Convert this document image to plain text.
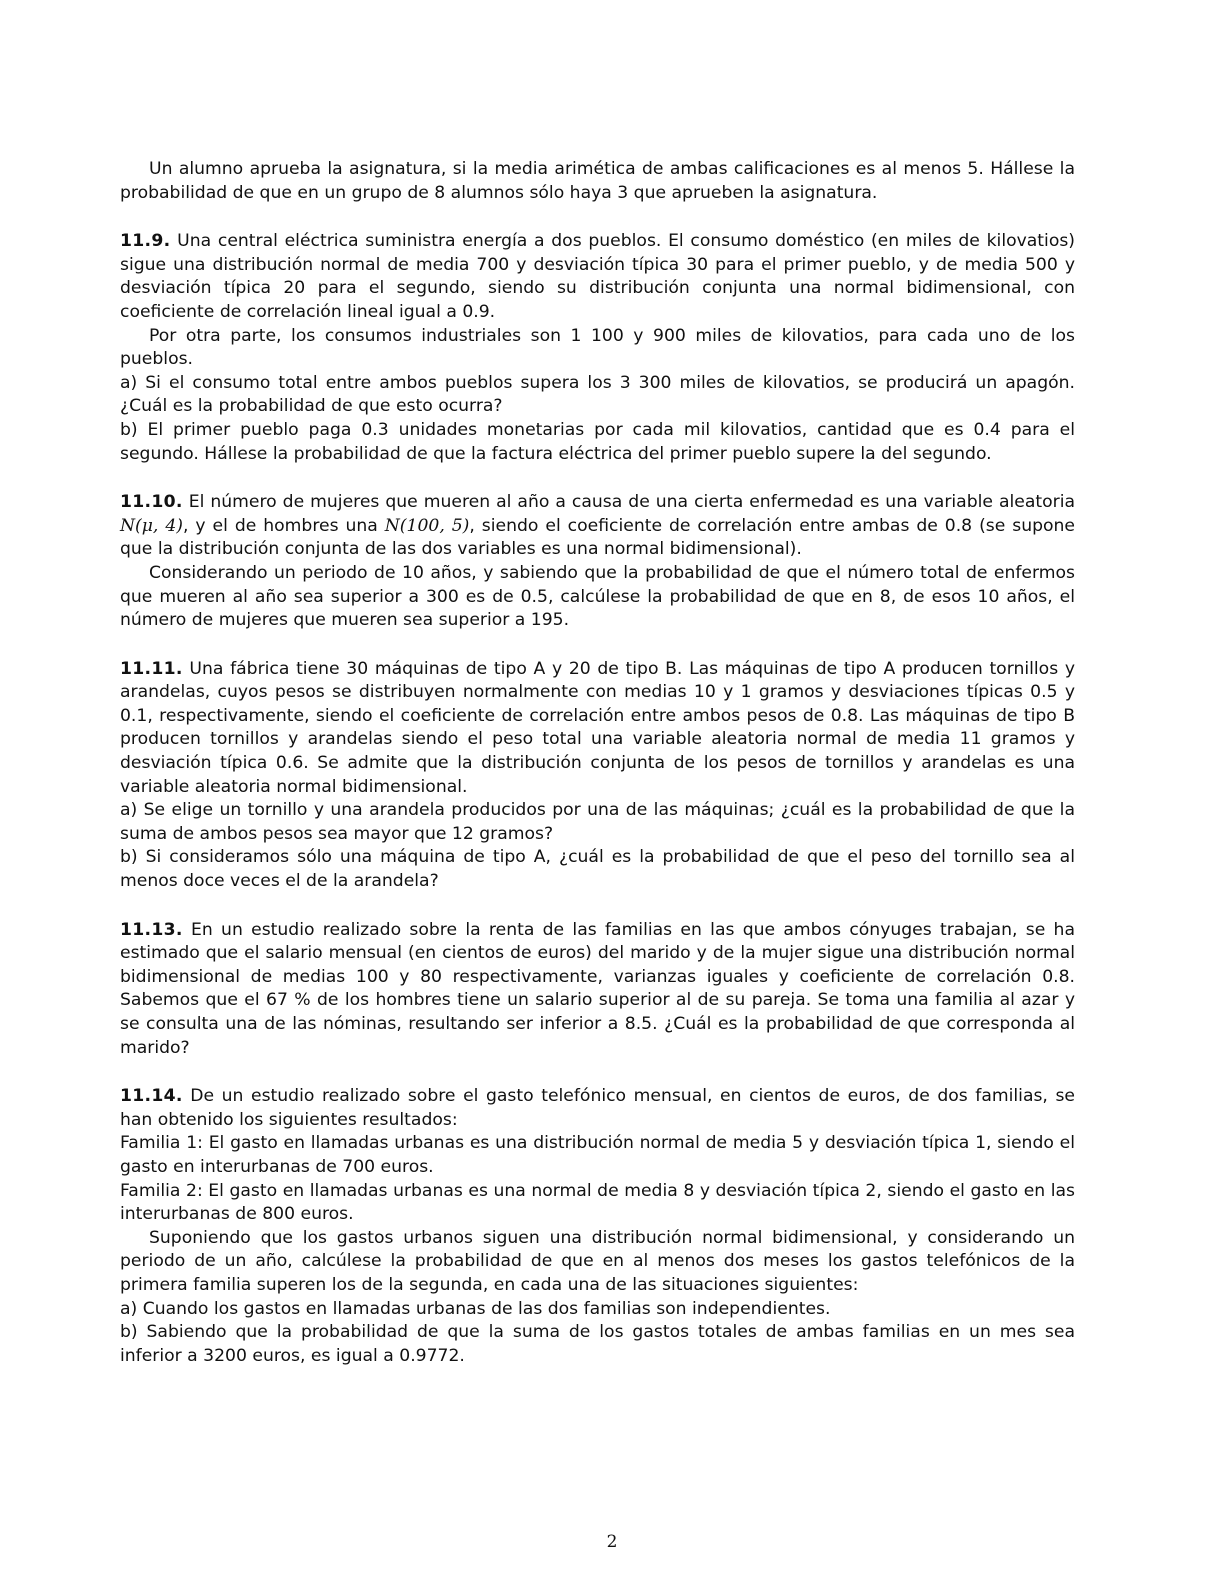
Un alumno aprueba la asignatura, si la media arimética de ambas calificaciones es al menos 5. Hállese la probabilidad de que en un grupo de 8 alumnos sólo haya 3 que aprueben la asignatura.

11.9. Una central eléctrica suministra energía a dos pueblos. El consumo doméstico (en miles de kilovatios) sigue una distribución normal de media 700 y desviación típica 30 para el primer pueblo, y de media 500 y desviación típica 20 para el segundo, siendo su distribución conjunta una normal bidimensional, con coeficiente de correlación lineal igual a 0.9.

Por otra parte, los consumos industriales son 1 100 y 900 miles de kilovatios, para cada uno de los pueblos.

a) Si el consumo total entre ambos pueblos supera los 3 300 miles de kilovatios, se producirá un apagón. ¿Cuál es la probabilidad de que esto ocurra?

b) El primer pueblo paga 0.3 unidades monetarias por cada mil kilovatios, cantidad que es 0.4 para el segundo. Hállese la probabilidad de que la factura eléctrica del primer pueblo supere la del segundo.

11.10. El número de mujeres que mueren al año a causa de una cierta enfermedad es una variable aleatoria N(μ, 4), y el de hombres una N(100, 5), siendo el coeficiente de correlación entre ambas de 0.8 (se supone que la distribución conjunta de las dos variables es una normal bidimensional).

Considerando un periodo de 10 años, y sabiendo que la probabilidad de que el número total de enfermos que mueren al año sea superior a 300 es de 0.5, calcúlese la probabilidad de que en 8, de esos 10 años, el número de mujeres que mueren sea superior a 195.

11.11. Una fábrica tiene 30 máquinas de tipo A y 20 de tipo B. Las máquinas de tipo A producen tornillos y arandelas, cuyos pesos se distribuyen normalmente con medias 10 y 1 gramos y desviaciones típicas 0.5 y 0.1, respectivamente, siendo el coeficiente de correlación entre ambos pesos de 0.8. Las máquinas de tipo B producen tornillos y arandelas siendo el peso total una variable aleatoria normal de media 11 gramos y desviación típica 0.6. Se admite que la distribución conjunta de los pesos de tornillos y arandelas es una variable aleatoria normal bidimensional.

a) Se elige un tornillo y una arandela producidos por una de las máquinas; ¿cuál es la probabilidad de que la suma de ambos pesos sea mayor que 12 gramos?

b) Si consideramos sólo una máquina de tipo A, ¿cuál es la probabilidad de que el peso del tornillo sea al menos doce veces el de la arandela?

11.13. En un estudio realizado sobre la renta de las familias en las que ambos cónyuges trabajan, se ha estimado que el salario mensual (en cientos de euros) del marido y de la mujer sigue una distribución normal bidimensional de medias 100 y 80 respectivamente, varianzas iguales y coeficiente de correlación 0.8. Sabemos que el 67 % de los hombres tiene un salario superior al de su pareja. Se toma una familia al azar y se consulta una de las nóminas, resultando ser inferior a 8.5. ¿Cuál es la probabilidad de que corresponda al marido?

11.14. De un estudio realizado sobre el gasto telefónico mensual, en cientos de euros, de dos familias, se han obtenido los siguientes resultados:

Familia 1: El gasto en llamadas urbanas es una distribución normal de media 5 y desviación típica 1, siendo el gasto en interurbanas de 700 euros.

Familia 2: El gasto en llamadas urbanas es una normal de media 8 y desviación típica 2, siendo el gasto en las interurbanas de 800 euros.

Suponiendo que los gastos urbanos siguen una distribución normal bidimensional, y considerando un periodo de un año, calcúlese la probabilidad de que en al menos dos meses los gastos telefónicos de la primera familia superen los de la segunda, en cada una de las situaciones siguientes:

a) Cuando los gastos en llamadas urbanas de las dos familias son independientes.

b) Sabiendo que la probabilidad de que la suma de los gastos totales de ambas familias en un mes sea inferior a 3200 euros, es igual a 0.9772.

2
